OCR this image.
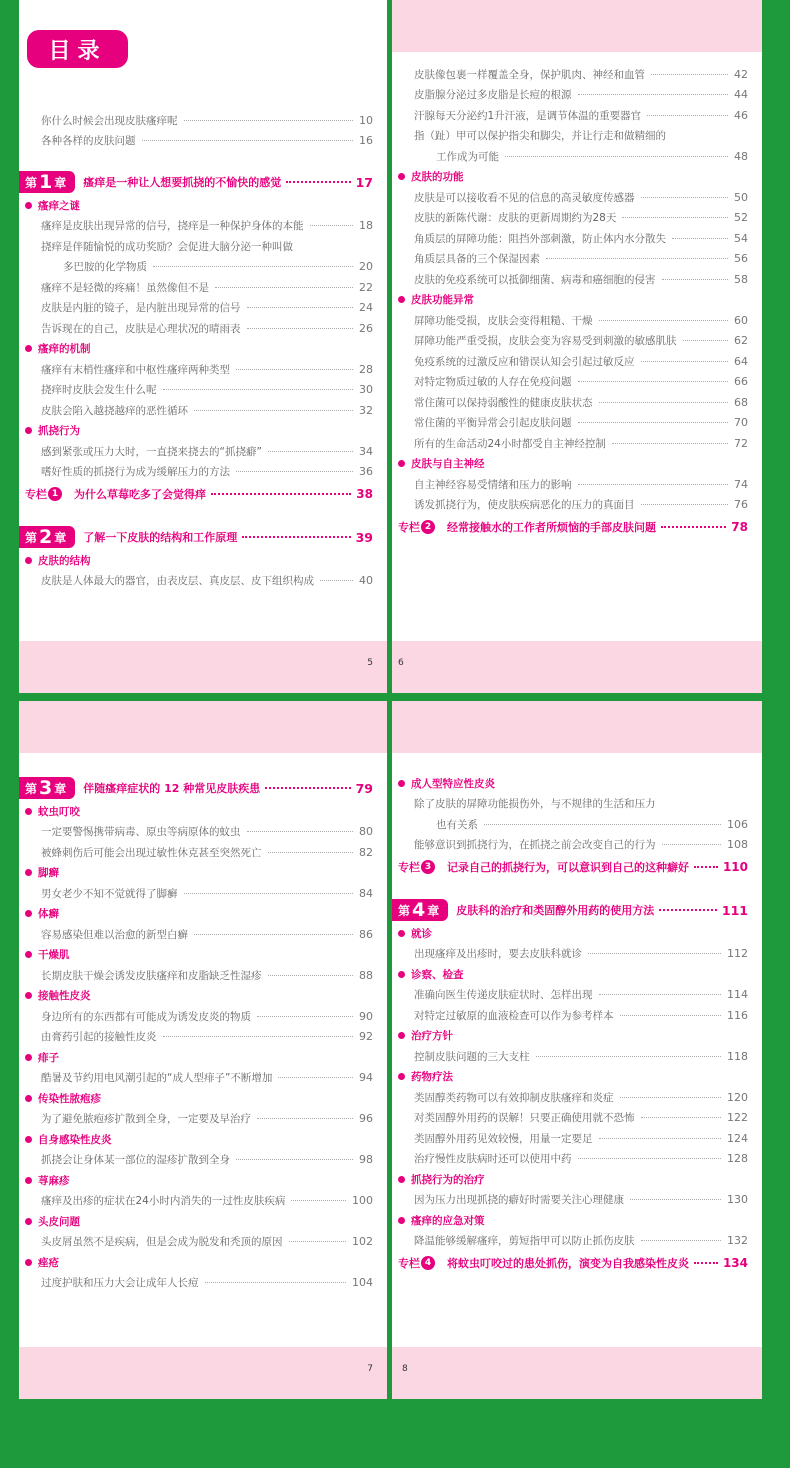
目录
你什么时候会出现皮肤瘙痒呢	10
各种各样的皮肤问题	16
第 1 章 瘙痒是一种让人想要抓挠的不愉快的感觉	17
瘙痒之谜
瘙痒是皮肤出现异常的信号，挠痒是一种保护身体的本能	18
挠痒是伴随愉悦的成功奖励？会促进大脑分泌一种叫做
多巴胺的化学物质	20
瘙痒不是轻微的疼痛！虽然像但不是	22
皮肤是内脏的镜子，是内脏出现异常的信号	24
告诉现在的自己，皮肤是心理状况的晴雨表	26
瘙痒的机制
瘙痒有末梢性瘙痒和中枢性瘙痒两种类型	28
挠痒时皮肤会发生什么呢	30
皮肤会陷入越挠越痒的恶性循环	32
抓挠行为
感到紧张或压力大时，一直挠来挠去的“抓挠癖”	34
嗜好性质的抓挠行为成为缓解压力的方法	36
专栏 1	为什么草莓吃多了会觉得痒	38
第 2 章 了解一下皮肤的结构和工作原理	39
皮肤的结构
皮肤是人体最大的器官，由表皮层、真皮层、皮下组织构成	40
5
皮肤像包裹一样覆盖全身，保护肌肉、神经和血管	42
皮脂腺分泌过多皮脂是长痘的根源	44
汗腺每天分泌约1升汗液，是调节体温的重要器官	46
指（趾）甲可以保护指尖和脚尖，并让行走和做精细的
工作成为可能	48
皮肤的功能
皮肤是可以接收看不见的信息的高灵敏度传感器	50
皮肤的新陈代谢：皮肤的更新周期约为28天	52
角质层的屏障功能：阻挡外部刺激，防止体内水分散失	54
角质层具备的三个保湿因素	56
皮肤的免疫系统可以抵御细菌、病毒和癌细胞的侵害	58
皮肤功能异常
屏障功能受损，皮肤会变得粗糙、干燥	60
屏障功能严重受损，皮肤会变为容易受到刺激的敏感肌肤	62
免疫系统的过激反应和错误认知会引起过敏反应	64
对特定物质过敏的人存在免疫问题	66
常住菌可以保持弱酸性的健康皮肤状态	68
常住菌的平衡异常会引起皮肤问题	70
所有的生命活动24小时都受自主神经控制	72
皮肤与自主神经
自主神经容易受情绪和压力的影响	74
诱发抓挠行为，使皮肤疾病恶化的压力的真面目	76
专栏 2	经常接触水的工作者所烦恼的手部皮肤问题	78
6
第 3 章 伴随瘙痒症状的 12 种常见皮肤疾患	79
蚊虫叮咬
一定要警惕携带病毒、原虫等病原体的蚊虫	80
被蜂刺伤后可能会出现过敏性休克甚至突然死亡	82
脚癣
男女老少不知不觉就得了脚癣	84
体癣
容易感染但难以治愈的新型白癣	86
干燥肌
长期皮肤干燥会诱发皮肤瘙痒和皮脂缺乏性湿疹	88
接触性皮炎
身边所有的东西都有可能成为诱发皮炎的物质	90
由膏药引起的接触性皮炎	92
痱子
酷暑及节约用电风潮引起的“成人型痱子”不断增加	94
传染性脓疱疹
为了避免脓疱疹扩散到全身，一定要及早治疗	96
自身感染性皮炎
抓挠会让身体某一部位的湿疹扩散到全身	98
荨麻疹
瘙痒及出疹的症状在24小时内消失的一过性皮肤疾病	100
头皮问题
头皮屑虽然不是疾病，但是会成为脱发和秃顶的原因	102
痤疮
过度护肤和压力大会让成年人长痘	104
7
成人型特应性皮炎
除了皮肤的屏障功能损伤外，与不规律的生活和压力
也有关系	106
能够意识到抓挠行为，在抓挠之前会改变自己的行为	108
专栏 3	记录自己的抓挠行为，可以意识到自己的这种癖好	110
第 4 章 皮肤科的治疗和类固醇外用药的使用方法	111
就诊
出现瘙痒及出疹时，要去皮肤科就诊	112
诊察、检查
准确向医生传递皮肤症状时、怎样出现	114
对特定过敏原的血液检查可以作为参考样本	116
治疗方针
控制皮肤问题的三大支柱	118
药物疗法
类固醇类药物可以有效抑制皮肤瘙痒和炎症	120
对类固醇外用药的误解！只要正确使用就不恐怖	122
类固醇外用药见效较慢，用量一定要足	124
治疗慢性皮肤病时还可以使用中药	128
抓挠行为的治疗
因为压力出现抓挠的癖好时需要关注心理健康	130
瘙痒的应急对策
降温能够缓解瘙痒，剪短指甲可以防止抓伤皮肤	132
专栏 4	将蚊虫叮咬过的患处抓伤，演变为自我感染性皮炎	134
8
